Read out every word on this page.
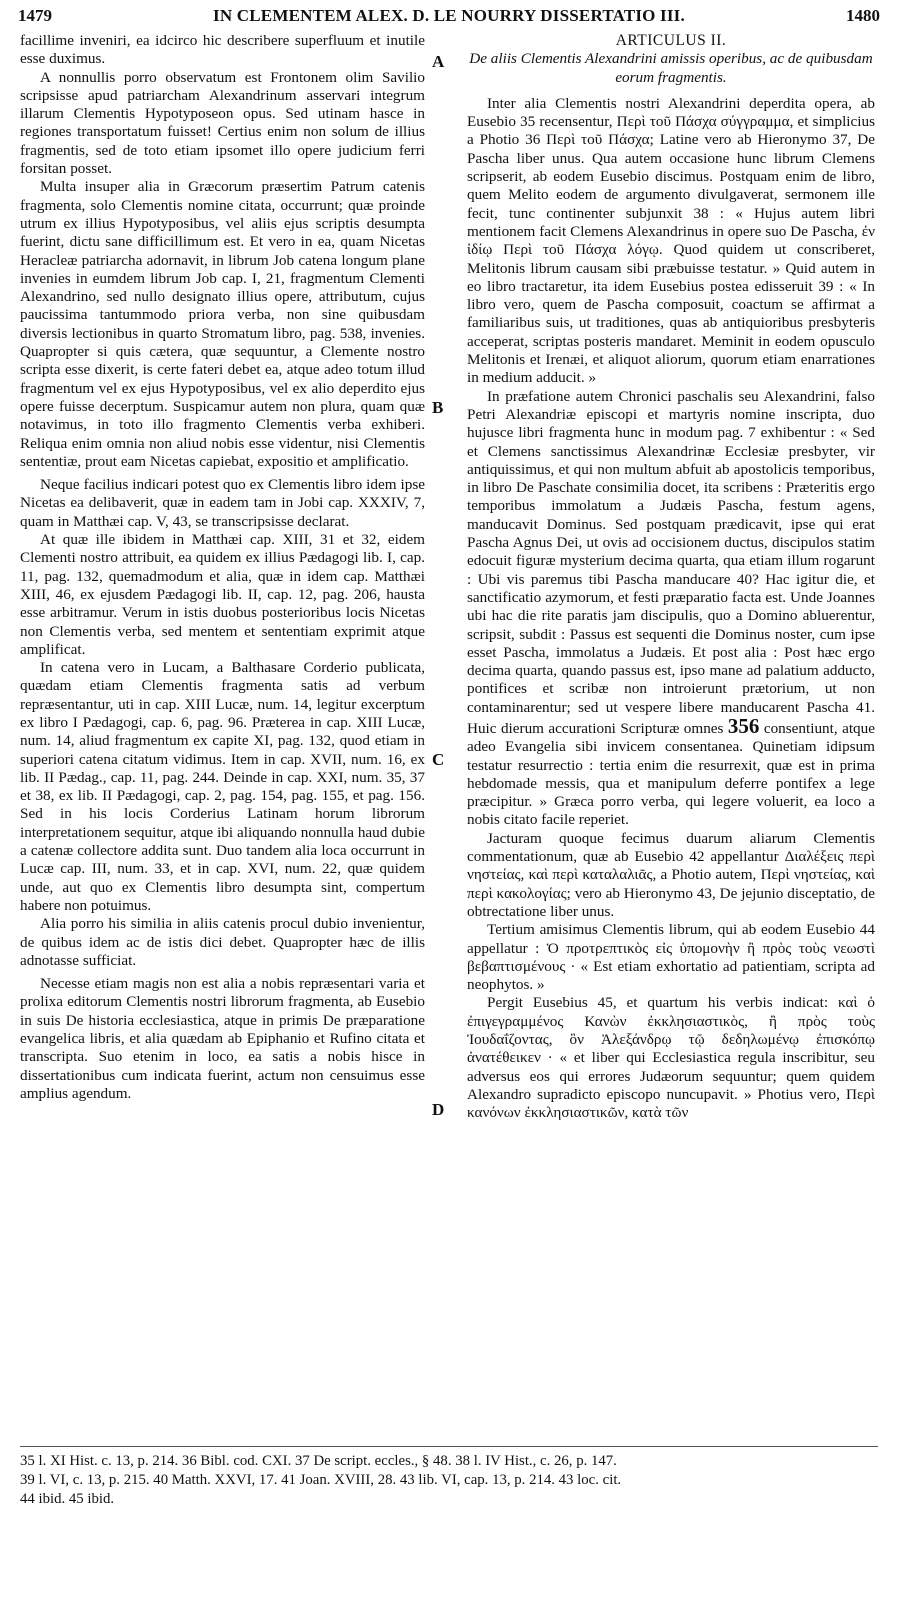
1479	IN CLEMENTEM ALEX. D. LE NOURRY DISSERTATIO III.	1480
A
B
C
D

facillime inveniri, ea idcirco hic describere superfluum et inutile esse duximus.

A nonnullis porro observatum est Frontonem olim Savilio scripsisse apud patriarcham Alexandrinum asservari integrum illarum Clementis Hypotyposeon opus. Sed utinam hasce in regiones transportatum fuisset! Certius enim non solum de illius fragmentis, sed de toto etiam ipsomet illo opere judicium ferri forsitan posset.

Multa insuper alia in Græcorum præsertim Patrum catenis fragmenta, solo Clementis nomine citata, occurrunt; quæ proinde utrum ex illius Hypotyposibus, vel aliis ejus scriptis desumpta fuerint, dictu sane difficillimum est. Et vero in ea, quam Nicetas Heracleæ patriarcha adornavit, in librum Job catena longum plane invenies in eumdem librum Job cap. I, 21, fragmentum Clementi Alexandrino, sed nullo designato illius opere, attributum, cujus paucissima tantummodo priora verba, non sine quibusdam diversis lectionibus in quarto Stromatum libro, pag. 538, invenies. Quapropter si quis cætera, quæ sequuntur, a Clemente nostro scripta esse dixerit, is certe fateri debet ea, atque adeo totum illud fragmentum vel ex ejus Hypotyposibus, vel ex alio deperdito ejus opere fuisse decerptum. Suspicamur autem non plura, quam quæ notavimus, in toto illo fragmento Clementis verba exhiberi. Reliqua enim omnia non aliud nobis esse videntur, nisi Clementis sententiæ, prout eam Nicetas capiebat, expositio et amplificatio.

Neque facilius indicari potest quo ex Clementis libro idem ipse Nicetas ea delibaverit, quæ in eadem tam in Jobi cap. XXXIV, 7, quam in Matthæi cap. V, 43, se transcripsisse declarat.

At quæ ille ibidem in Matthæi cap. XIII, 31 et 32, eidem Clementi nostro attribuit, ea quidem ex illius Pædagogi lib. I, cap. 11, pag. 132, quemadmodum et alia, quæ in idem cap. Matthæi XIII, 46, ex ejusdem Pædagogi lib. II, cap. 12, pag. 206, hausta esse arbitramur. Verum in istis duobus posterioribus locis Nicetas non Clementis verba, sed mentem et sententiam exprimit atque amplificat.

In catena vero in Lucam, a Balthasare Corderio publicata, quædam etiam Clementis fragmenta satis ad verbum repræsentantur, uti in cap. XIII Lucæ, num. 14, legitur excerptum ex libro I Pædagogi, cap. 6, pag. 96. Præterea in cap. XIII Lucæ, num. 14, aliud fragmentum ex capite XI, pag. 132, quod etiam in superiori catena citatum vidimus. Item in cap. XVII, num. 16, ex lib. II Pædag., cap. 11, pag. 244. Deinde in cap. XXI, num. 35, 37 et 38, ex lib. II Pædagogi, cap. 2, pag. 154, pag. 155, et pag. 156. Sed in his locis Corderius Latinam horum librorum interpretationem sequitur, atque ibi aliquando nonnulla haud dubie a catenæ collectore addita sunt. Duo tandem alia loca occurrunt in Lucæ cap. III, num. 33, et in cap. XVI, num. 22, quæ quidem unde, aut quo ex Clementis libro desumpta sint, compertum habere non potuimus.

Alia porro his similia in aliis catenis procul dubio invenientur, de quibus idem ac de istis dici debet. Quapropter hæc de illis adnotasse sufficiat.

Necesse etiam magis non est alia a nobis repræsentari varia et prolixa editorum Clementis nostri librorum fragmenta, ab Eusebio in suis De historia ecclesiastica, atque in primis De præparatione evangelica libris, et alia quædam ab Epiphanio et Rufino citata et transcripta. Suo etenim in loco, ea satis a nobis hisce in dissertationibus cum indicata fuerint, actum non censuimus esse amplius agendum.

ARTICULUS II.

De aliis Clementis Alexandrini amissis operibus, ac de quibusdam eorum fragmentis.

Inter alia Clementis nostri Alexandrini deperdita opera, ab Eusebio 35 recensentur, Περὶ τοῦ Πάσχα σύγγραμμα, et simplicius a Photio 36 Περὶ τοῦ Πάσχα; Latine vero ab Hieronymo 37, De Pascha liber unus. Qua autem occasione hunc librum Clemens scripserit, ab eodem Eusebio discimus. Postquam enim de libro, quem Melito eodem de argumento divulgaverat, sermonem ille fecit, tunc continenter subjunxit 38 : « Hujus autem libri mentionem facit Clemens Alexandrinus in opere suo De Pascha, ἐν ἰδίῳ Περὶ τοῦ Πάσχα λόγῳ. Quod quidem ut conscriberet, Melitonis librum causam sibi præbuisse testatur. » Quid autem in eo libro tractaretur, ita idem Eusebius postea edisseruit 39 : « In libro vero, quem de Pascha composuit, coactum se affirmat a familiaribus suis, ut traditiones, quas ab antiquioribus presbyteris acceperat, scriptas posteris mandaret. Meminit in eodem opusculo Melitonis et Irenæi, et aliquot aliorum, quorum etiam enarrationes in medium adducit. »

In præfatione autem Chronici paschalis seu Alexandrini, falso Petri Alexandriæ episcopi et martyris nomine inscripta, duo hujusce libri fragmenta hunc in modum pag. 7 exhibentur : « Sed et Clemens sanctissimus Alexandrinæ Ecclesiæ presbyter, vir antiquissimus, et qui non multum abfuit ab apostolicis temporibus, in libro De Paschate consimilia docet, ita scribens : Præteritis ergo temporibus immolatum a Judæis Pascha, festum agens, manducavit Dominus. Sed postquam prædicavit, ipse qui erat Pascha Agnus Dei, ut ovis ad occisionem ductus, discipulos statim edocuit figuræ mysterium decima quarta, qua etiam illum rogarunt : Ubi vis paremus tibi Pascha manducare 40? Hac igitur die, et sanctificatio azymorum, et festi præparatio facta est. Unde Joannes ubi hac die rite paratis jam discipulis, quo a Domino abluerentur, scripsit, subdit : Passus est sequenti die Dominus noster, cum ipse esset Pascha, immolatus a Judæis. Et post alia : Post hæc ergo decima quarta, quando passus est, ipso mane ad palatium adducto, pontifices et scribæ non introierunt prætorium, ut non contaminarentur; sed ut vespere libere manducarent Pascha 41. Huic dierum accurationi Scripturæ omnes 356 consentiunt, atque adeo Evangelia sibi invicem consentanea. Quinetiam idipsum testatur resurrectio : tertia enim die resurrexit, quæ est in prima hebdomade messis, qua et manipulum deferre pontifex a lege præcipitur. » Græca porro verba, qui legere voluerit, ea loco a nobis citato facile reperiet.

Jacturam quoque fecimus duarum aliarum Clementis commentationum, quæ ab Eusebio 42 appellantur Διαλέξεις περὶ νηστείας, καὶ περὶ καταλαλιᾶς, a Photio autem, Περὶ νηστείας, καὶ περὶ κακολογίας; vero ab Hieronymo 43, De jejunio disceptatio, de obtrectatione liber unus.

Tertium amisimus Clementis librum, qui ab eodem Eusebio 44 appellatur : Ὁ προτρεπτικὸς εἰς ὑπομονὴν ἢ πρὸς τοὺς νεωστὶ βεβαπτισμένους · « Est etiam exhortatio ad patientiam, scripta ad neophytos. »

Pergit Eusebius 45, et quartum his verbis indicat: καὶ ὁ ἐπιγεγραμμένος Κανὼν ἐκκλησιαστικὸς, ἢ πρὸς τοὺς Ἰουδαΐζοντας, ὃν Ἀλεξάνδρῳ τῷ δεδηλωμένῳ ἐπισκόπῳ ἀνατέθεικεν · « et liber qui Ecclesiastica regula inscribitur, seu adversus eos qui errores Judæorum sequuntur; quem quidem Alexandro supradicto episcopo nuncupavit. » Photius vero, Περὶ κανόνων ἐκκλησιαστικῶν, κατὰ τῶν

35 l. XI Hist. c. 13, p. 214. 36 Bibl. cod. CXI. 37 De script. eccles., § 48. 38 l. IV Hist., c. 26, p. 147.
39 l. VI, c. 13, p. 215. 40 Matth. XXVI, 17. 41 Joan. XVIII, 28. 43 lib. VI, cap. 13, p. 214. 43 loc. cit.
44 ibid. 45 ibid.
